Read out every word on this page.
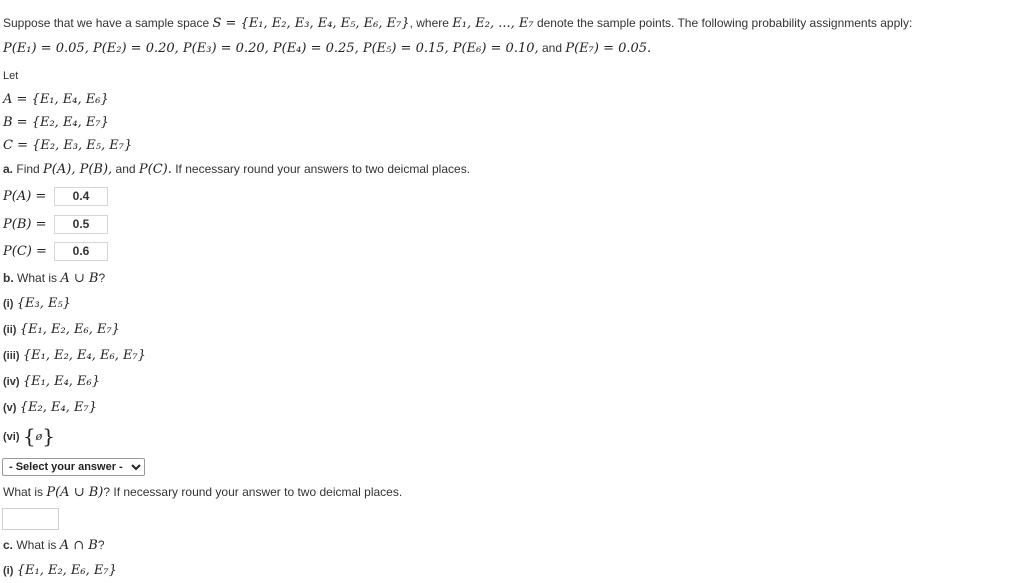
Suppose that we have a sample space S = {E₁, E₂, E₃, E₄, E₅, E₆, E₇}, where E₁, E₂, ..., E₇ denote the sample points. The following probability assignments apply:
P(E₁) = 0.05, P(E₂) = 0.20, P(E₃) = 0.20, P(E₄) = 0.25, P(E₅) = 0.15, P(E₆) = 0.10, and P(E₇) = 0.05.
Let
A = {E₁, E₄, E₆}
B = {E₂, E₄, E₇}
C = {E₂, E₃, E₅, E₇}
a. Find P(A), P(B), and P(C). If necessary round your answers to two deicmal places.
P(A) =	0.4
P(B) =	0.5
P(C) =	0.6
b. What is A ∪ B?
(i) {E₃, E₅}
(ii) {E₁, E₂, E₆, E₇}
(iii) {E₁, E₂, E₄, E₆, E₇}
(iv) {E₁, E₄, E₆}
(v) {E₂, E₄, E₇}
(vi) {ø}
- Select your answer -
What is P(A ∪ B)? If necessary round your answer to two deicmal places.
c. What is A ∩ B?
(i) {E₁, E₂, E₆, E₇}
